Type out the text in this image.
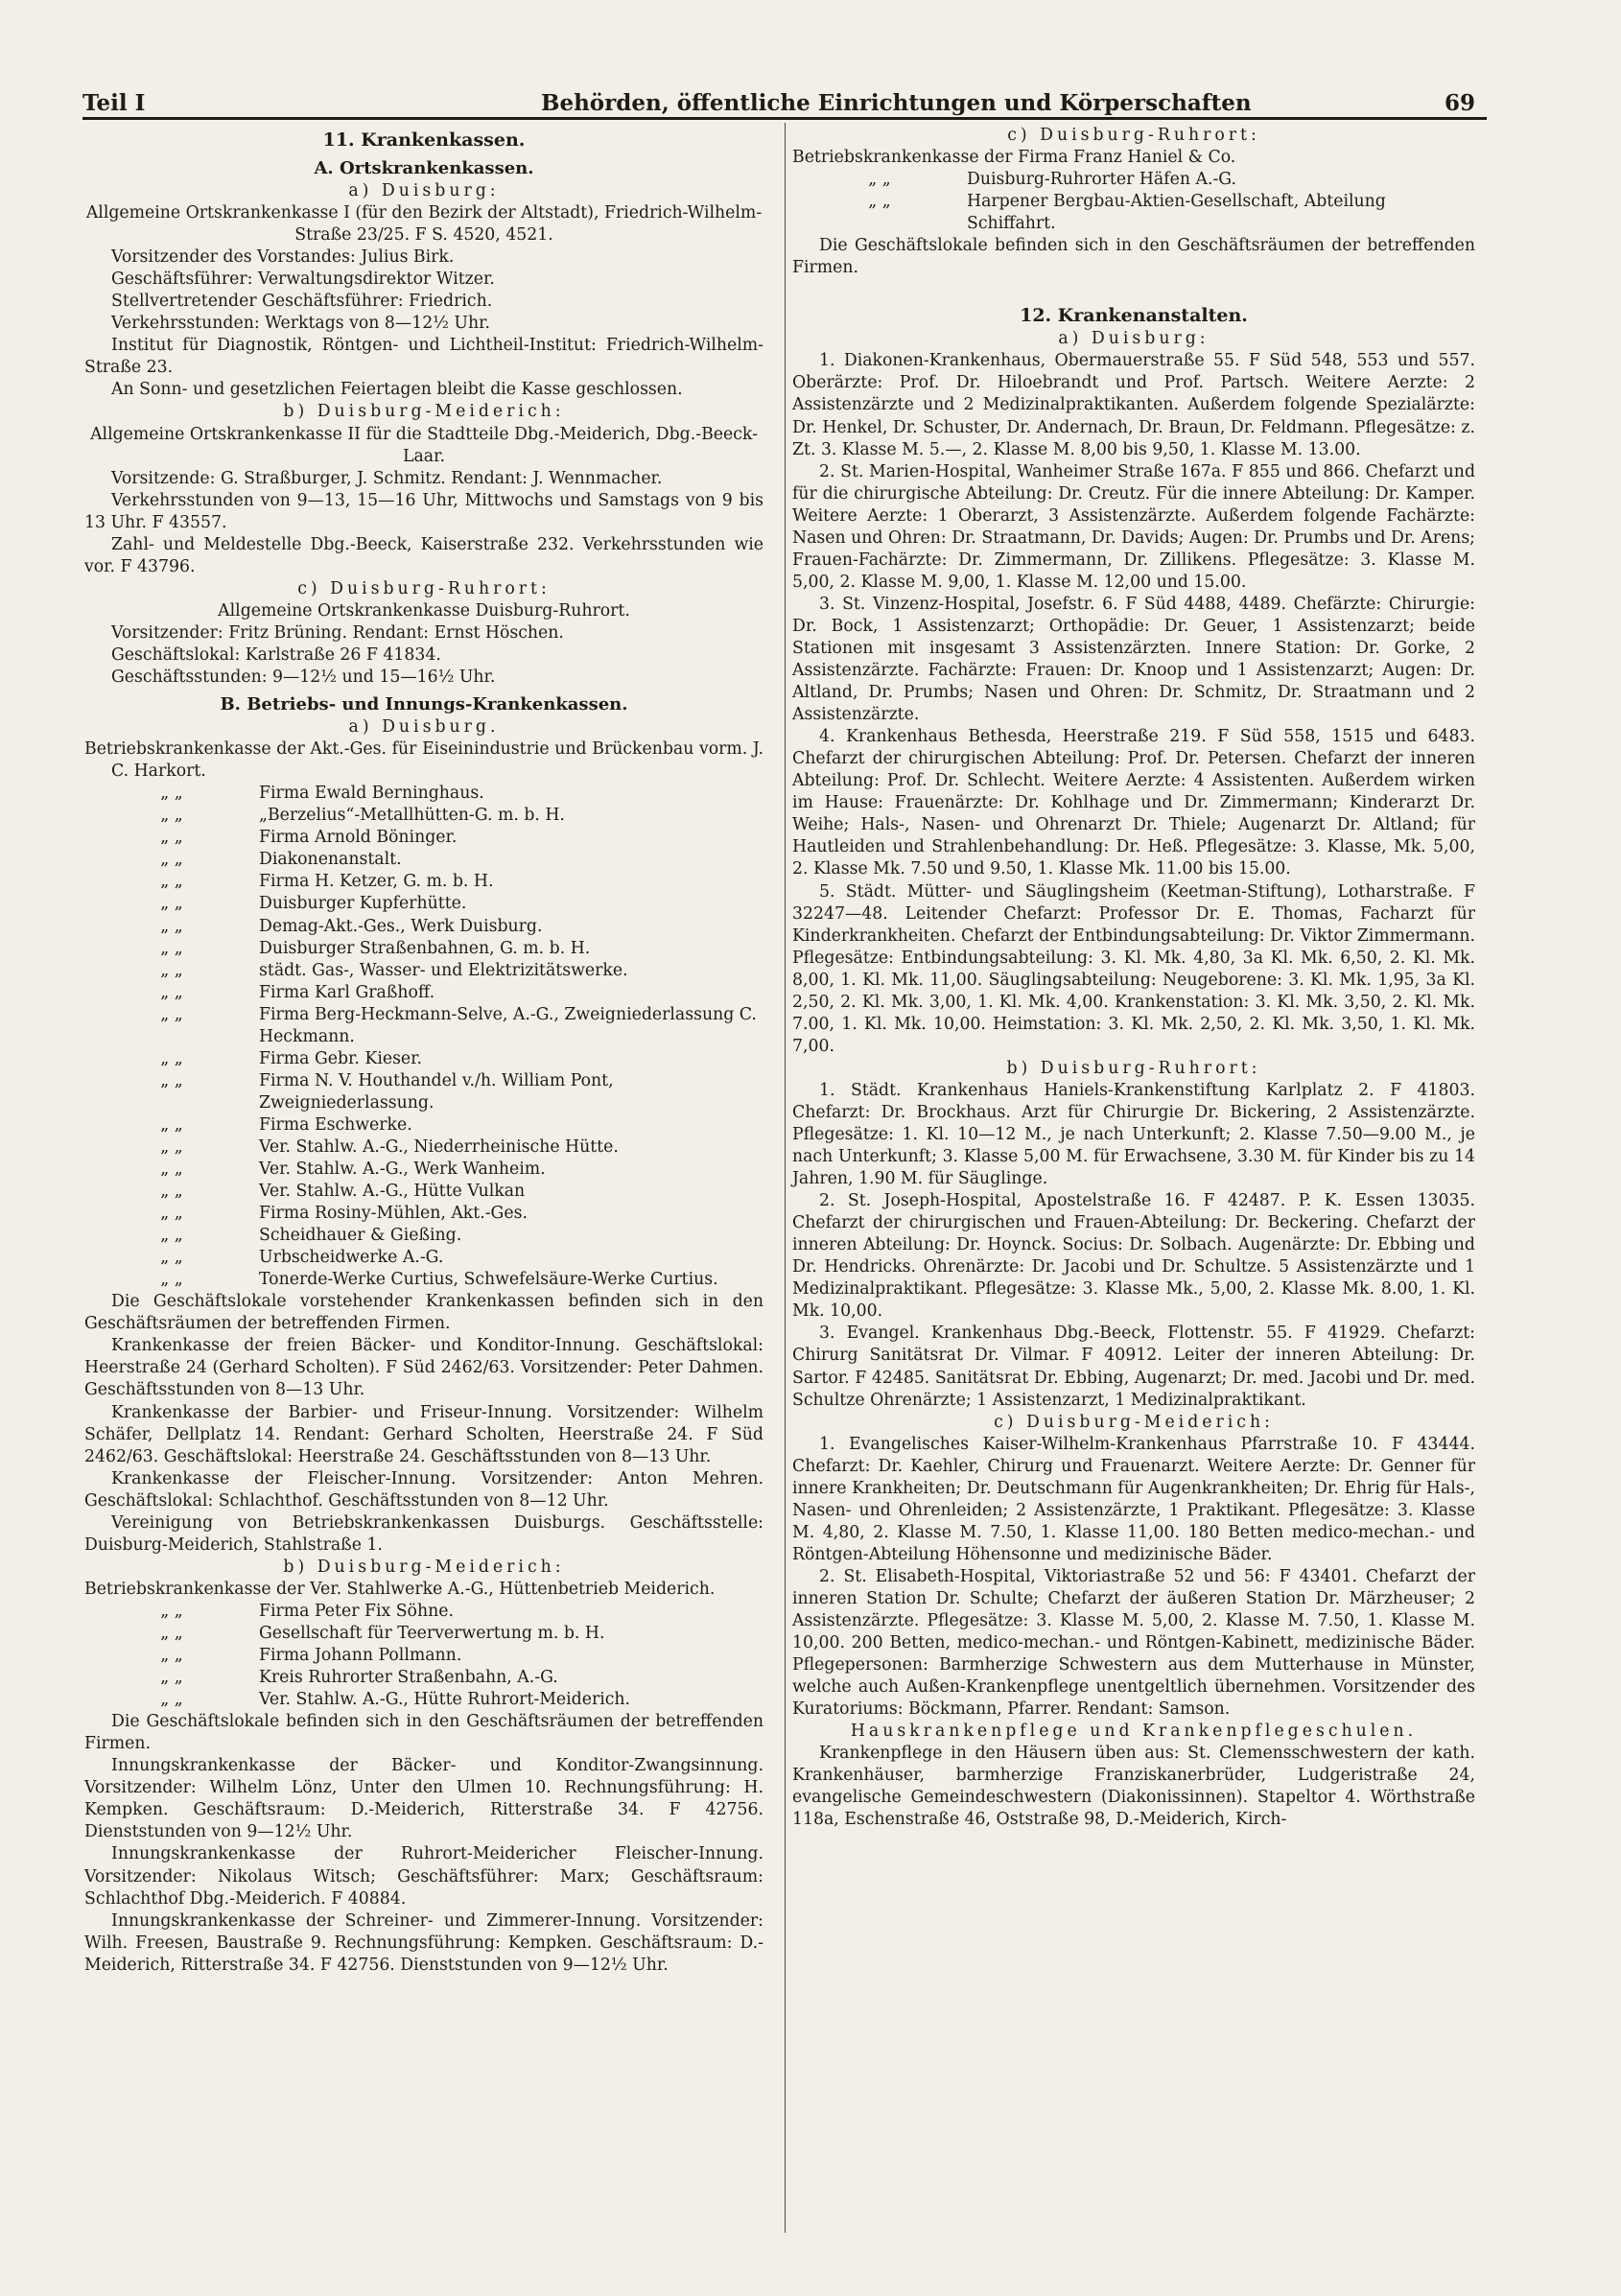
Teil I	Behörden, öffentliche Einrichtungen und Körperschaften	69

11. Krankenkassen.

A. Ortskrankenkassen.

a) Duisburg:

Allgemeine Ortskrankenkasse I (für den Bezirk der Altstadt), Friedrich-Wilhelm-Straße 23/25. F S. 4520, 4521.

Vorsitzender des Vorstandes: Julius Birk.

Geschäftsführer: Verwaltungsdirektor Witzer.

Stellvertretender Geschäftsführer: Friedrich.

Verkehrsstunden: Werktags von 8—12½ Uhr.

Institut für Diagnostik, Röntgen- und Lichtheil-Institut: Friedrich-Wilhelm-Straße 23.

An Sonn- und gesetzlichen Feiertagen bleibt die Kasse geschlossen.

b) Duisburg-Meiderich:

Allgemeine Ortskrankenkasse II für die Stadtteile Dbg.-Meiderich, Dbg.-Beeck-Laar.

Vorsitzende: G. Straßburger, J. Schmitz. Rendant: J. Wennmacher.

Verkehrsstunden von 9—13, 15—16 Uhr, Mittwochs und Samstags von 9 bis 13 Uhr. F 43557.

Zahl- und Meldestelle Dbg.-Beeck, Kaiserstraße 232. Verkehrsstunden wie vor. F 43796.

c) Duisburg-Ruhrort:

Allgemeine Ortskrankenkasse Duisburg-Ruhrort.

Vorsitzender: Fritz Brüning. Rendant: Ernst Höschen.

Geschäftslokal: Karlstraße 26 F 41834.

Geschäftsstunden: 9—12½ und 15—16½ Uhr.

B. Betriebs- und Innungs-Krankenkassen.

a) Duisburg.

Betriebskrankenkasse der Akt.-Ges. für Eiseinindustrie und Brückenbau vorm. J. C. Harkort.

„ „	Firma Ewald Berninghaus.
„ „	„Berzelius“-Metallhütten-G. m. b. H.
„ „	Firma Arnold Böninger.
„ „	Diakonenanstalt.
„ „	Firma H. Ketzer, G. m. b. H.
„ „	Duisburger Kupferhütte.
„ „	Demag-Akt.-Ges., Werk Duisburg.
„ „	Duisburger Straßenbahnen, G. m. b. H.
„ „	städt. Gas-, Wasser- und Elektrizitätswerke.
„ „	Firma Karl Graßhoff.
„ „	Firma Berg-Heckmann-Selve, A.-G., Zweigniederlassung C. Heckmann.
„ „	Firma Gebr. Kieser.
„ „	Firma N. V. Houthandel v./h. William Pont, Zweigniederlassung.
„ „	Firma Eschwerke.
„ „	Ver. Stahlw. A.-G., Niederrheinische Hütte.
„ „	Ver. Stahlw. A.-G., Werk Wanheim.
„ „	Ver. Stahlw. A.-G., Hütte Vulkan
„ „	Firma Rosiny-Mühlen, Akt.-Ges.
„ „	Scheidhauer & Gießing.
„ „	Urbscheidwerke A.-G.
„ „	Tonerde-Werke Curtius, Schwefelsäure-Werke Curtius.

Die Geschäftslokale vorstehender Krankenkassen befinden sich in den Geschäftsräumen der betreffenden Firmen.

Krankenkasse der freien Bäcker- und Konditor-Innung. Geschäftslokal: Heerstraße 24 (Gerhard Scholten). F Süd 2462/63. Vorsitzender: Peter Dahmen. Geschäftsstunden von 8—13 Uhr.

Krankenkasse der Barbier- und Friseur-Innung. Vorsitzender: Wilhelm Schäfer, Dellplatz 14. Rendant: Gerhard Scholten, Heerstraße 24. F Süd 2462/63. Geschäftslokal: Heerstraße 24. Geschäftsstunden von 8—13 Uhr.

Krankenkasse der Fleischer-Innung. Vorsitzender: Anton Mehren. Geschäftslokal: Schlachthof. Geschäftsstunden von 8—12 Uhr.

Vereinigung von Betriebskrankenkassen Duisburgs. Geschäftsstelle: Duisburg-Meiderich, Stahlstraße 1.

b) Duisburg-Meiderich:

Betriebskrankenkasse der Ver. Stahlwerke A.-G., Hüttenbetrieb Meiderich.

„ „	Firma Peter Fix Söhne.
„ „	Gesellschaft für Teerverwertung m. b. H.
„ „	Firma Johann Pollmann.
„ „	Kreis Ruhrorter Straßenbahn, A.-G.
„ „	Ver. Stahlw. A.-G., Hütte Ruhrort-Meiderich.

Die Geschäftslokale befinden sich in den Geschäftsräumen der betreffenden Firmen.

Innungskrankenkasse der Bäcker- und Konditor-Zwangsinnung. Vorsitzender: Wilhelm Lönz, Unter den Ulmen 10. Rechnungsführung: H. Kempken. Geschäftsraum: D.-Meiderich, Ritterstraße 34. F 42756. Dienststunden von 9—12½ Uhr.

Innungskrankenkasse der Ruhrort-Meidericher Fleischer-Innung. Vorsitzender: Nikolaus Witsch; Geschäftsführer: Marx; Geschäftsraum: Schlachthof Dbg.-Meiderich. F 40884.

Innungskrankenkasse der Schreiner- und Zimmerer-Innung. Vorsitzender: Wilh. Freesen, Baustraße 9. Rechnungsführung: Kempken. Geschäftsraum: D.-Meiderich, Ritterstraße 34. F 42756. Dienststunden von 9—12½ Uhr.

c) Duisburg-Ruhrort:

Betriebskrankenkasse der Firma Franz Haniel & Co.

„ „	Duisburg-Ruhrorter Häfen A.-G.
„ „	Harpener Bergbau-Aktien-Gesellschaft, Abteilung Schiffahrt.

Die Geschäftslokale befinden sich in den Geschäftsräumen der betreffenden Firmen.

12. Krankenanstalten.

a) Duisburg:

1. Diakonen-Krankenhaus, Obermauerstraße 55. F Süd 548, 553 und 557. Oberärzte: Prof. Dr. Hiloebrandt und Prof. Partsch. Weitere Aerzte: 2 Assistenzärzte und 2 Medizinalpraktikanten. Außerdem folgende Spezialärzte: Dr. Henkel, Dr. Schuster, Dr. Andernach, Dr. Braun, Dr. Feldmann. Pflegesätze: z. Zt. 3. Klasse M. 5.—, 2. Klasse M. 8,00 bis 9,50, 1. Klasse M. 13.00.

2. St. Marien-Hospital, Wanheimer Straße 167a. F 855 und 866. Chefarzt und für die chirurgische Abteilung: Dr. Creutz. Für die innere Abteilung: Dr. Kamper. Weitere Aerzte: 1 Oberarzt, 3 Assistenzärzte. Außerdem folgende Fachärzte: Nasen und Ohren: Dr. Straatmann, Dr. Davids; Augen: Dr. Prumbs und Dr. Arens; Frauen-Fachärzte: Dr. Zimmermann, Dr. Zillikens. Pflegesätze: 3. Klasse M. 5,00, 2. Klasse M. 9,00, 1. Klasse M. 12,00 und 15.00.

3. St. Vinzenz-Hospital, Josefstr. 6. F Süd 4488, 4489. Chefärzte: Chirurgie: Dr. Bock, 1 Assistenzarzt; Orthopädie: Dr. Geuer, 1 Assistenzarzt; beide Stationen mit insgesamt 3 Assistenzärzten. Innere Station: Dr. Gorke, 2 Assistenzärzte. Fachärzte: Frauen: Dr. Knoop und 1 Assistenzarzt; Augen: Dr. Altland, Dr. Prumbs; Nasen und Ohren: Dr. Schmitz, Dr. Straatmann und 2 Assistenzärzte.

4. Krankenhaus Bethesda, Heerstraße 219. F Süd 558, 1515 und 6483. Chefarzt der chirurgischen Abteilung: Prof. Dr. Petersen. Chefarzt der inneren Abteilung: Prof. Dr. Schlecht. Weitere Aerzte: 4 Assistenten. Außerdem wirken im Hause: Frauenärzte: Dr. Kohlhage und Dr. Zimmermann; Kinderarzt Dr. Weihe; Hals-, Nasen- und Ohrenarzt Dr. Thiele; Augenarzt Dr. Altland; für Hautleiden und Strahlenbehandlung: Dr. Heß. Pflegesätze: 3. Klasse, Mk. 5,00, 2. Klasse Mk. 7.50 und 9.50, 1. Klasse Mk. 11.00 bis 15.00.

5. Städt. Mütter- und Säuglingsheim (Keetman-Stiftung), Lotharstraße. F 32247—48. Leitender Chefarzt: Professor Dr. E. Thomas, Facharzt für Kinderkrankheiten. Chefarzt der Entbindungsabteilung: Dr. Viktor Zimmermann. Pflegesätze: Entbindungsabteilung: 3. Kl. Mk. 4,80, 3a Kl. Mk. 6,50, 2. Kl. Mk. 8,00, 1. Kl. Mk. 11,00. Säuglingsabteilung: Neugeborene: 3. Kl. Mk. 1,95, 3a Kl. 2,50, 2. Kl. Mk. 3,00, 1. Kl. Mk. 4,00. Krankenstation: 3. Kl. Mk. 3,50, 2. Kl. Mk. 7.00, 1. Kl. Mk. 10,00. Heimstation: 3. Kl. Mk. 2,50, 2. Kl. Mk. 3,50, 1. Kl. Mk. 7,00.

b) Duisburg-Ruhrort:

1. Städt. Krankenhaus Haniels-Krankenstiftung Karlplatz 2. F 41803. Chefarzt: Dr. Brockhaus. Arzt für Chirurgie Dr. Bickering, 2 Assistenzärzte. Pflegesätze: 1. Kl. 10—12 M., je nach Unterkunft; 2. Klasse 7.50—9.00 M., je nach Unterkunft; 3. Klasse 5,00 M. für Erwachsene, 3.30 M. für Kinder bis zu 14 Jahren, 1.90 M. für Säuglinge.

2. St. Joseph-Hospital, Apostelstraße 16. F 42487. P. K. Essen 13035. Chefarzt der chirurgischen und Frauen-Abteilung: Dr. Beckering. Chefarzt der inneren Abteilung: Dr. Hoynck. Socius: Dr. Solbach. Augenärzte: Dr. Ebbing und Dr. Hendricks. Ohrenärzte: Dr. Jacobi und Dr. Schultze. 5 Assistenzärzte und 1 Medizinalpraktikant. Pflegesätze: 3. Klasse Mk., 5,00, 2. Klasse Mk. 8.00, 1. Kl. Mk. 10,00.

3. Evangel. Krankenhaus Dbg.-Beeck, Flottenstr. 55. F 41929. Chefarzt: Chirurg Sanitätsrat Dr. Vilmar. F 40912. Leiter der inneren Abteilung: Dr. Sartor. F 42485. Sanitätsrat Dr. Ebbing, Augenarzt; Dr. med. Jacobi und Dr. med. Schultze Ohrenärzte; 1 Assistenzarzt, 1 Medizinalpraktikant.

c) Duisburg-Meiderich:

1. Evangelisches Kaiser-Wilhelm-Krankenhaus Pfarrstraße 10. F 43444. Chefarzt: Dr. Kaehler, Chirurg und Frauenarzt. Weitere Aerzte: Dr. Genner für innere Krankheiten; Dr. Deutschmann für Augenkrankheiten; Dr. Ehrig für Hals-, Nasen- und Ohrenleiden; 2 Assistenzärzte, 1 Praktikant. Pflegesätze: 3. Klasse M. 4,80, 2. Klasse M. 7.50, 1. Klasse 11,00. 180 Betten medico-mechan.- und Röntgen-Abteilung Höhensonne und medizinische Bäder.

2. St. Elisabeth-Hospital, Viktoriastraße 52 und 56: F 43401. Chefarzt der inneren Station Dr. Schulte; Chefarzt der äußeren Station Dr. Märzheuser; 2 Assistenzärzte. Pflegesätze: 3. Klasse M. 5,00, 2. Klasse M. 7.50, 1. Klasse M. 10,00. 200 Betten, medico-mechan.- und Röntgen-Kabinett, medizinische Bäder. Pflegepersonen: Barmherzige Schwestern aus dem Mutterhause in Münster, welche auch Außen-Krankenpflege unentgeltlich übernehmen. Vorsitzender des Kuratoriums: Böckmann, Pfarrer. Rendant: Samson.

Hauskrankenpflege und Krankenpflegeschulen.

Krankenpflege in den Häusern üben aus: St. Clemensschwestern der kath. Krankenhäuser, barmherzige Franziskanerbrüder, Ludgeristraße 24, evangelische Gemeindeschwestern (Diakonissinnen). Stapeltor 4. Wörthstraße 118a, Eschenstraße 46, Oststraße 98, D.-Meiderich, Kirch-
